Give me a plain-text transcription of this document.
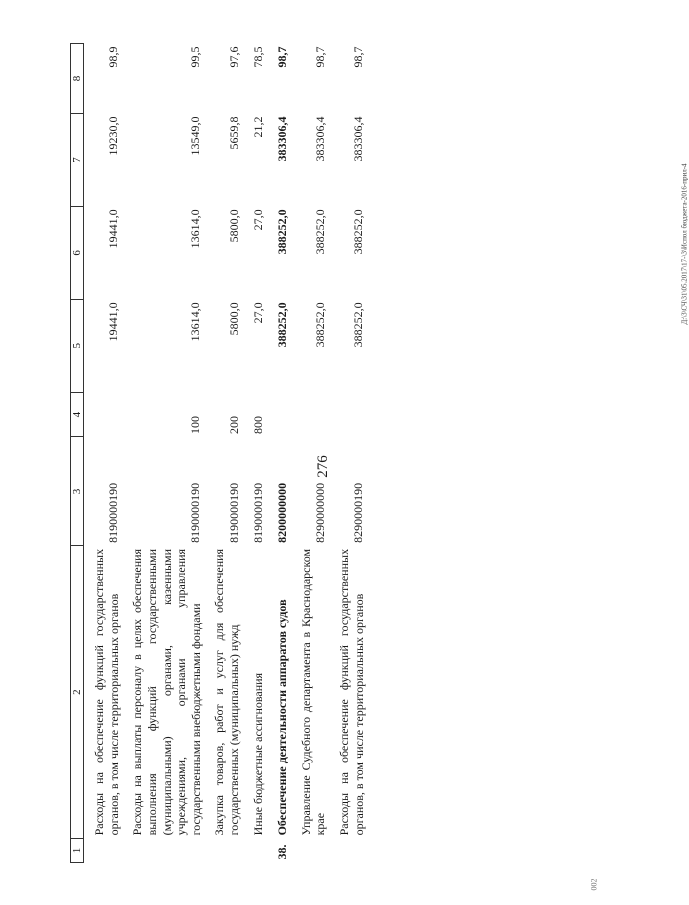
276
Д:\3\СЧ\31\05.2017\17-\3\Испол бюджета-2016-прил-4
002
1	2	3	4	5	6	7	8
	Расходы на обеспечение функций государственных органов, в том числе территориальных органов	8190000190		19441,0	19441,0	19230,0	98,9
	Расходы на выплаты персоналу в целях обеспечения выполнения функций государственными (муниципальными) органами, казенными учреждениями, органами управления государственными внебюджетными фондами	8190000190	100	13614,0	13614,0	13549,0	99,5
	Закупка товаров, работ и услуг для обеспечения государственных (муниципальных) нужд	8190000190	200	5800,0	5800,0	5659,8	97,6
	Иные бюджетные ассигнования	8190000190	800	27,0	27,0	21,2	78,5
38.	Обеспечение деятельности аппаратов судов	8200000000		388252,0	388252,0	383306,4	98,7
	Управление Судебного департамента в Краснодарском крае	8290000000		388252,0	388252,0	383306,4	98,7
	Расходы на обеспечение функций государственных органов, в том числе территориальных органов	8290000190		388252,0	388252,0	383306,4	98,7
